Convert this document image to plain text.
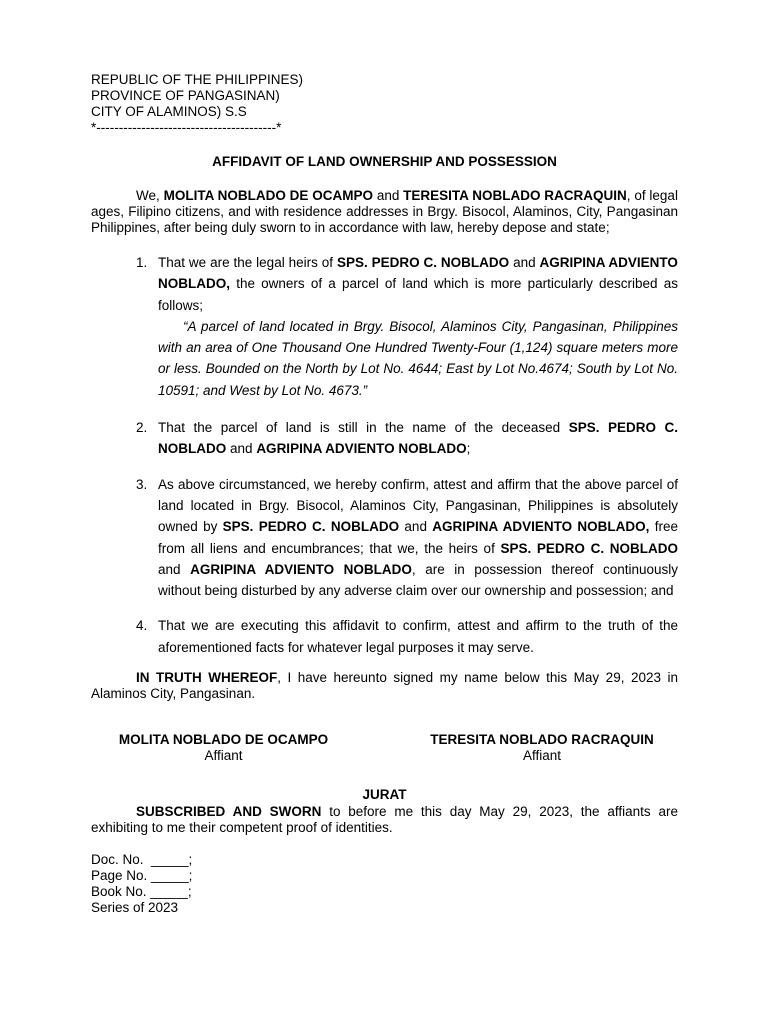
REPUBLIC OF THE PHILIPPINES)
PROVINCE OF PANGASINAN)
CITY OF ALAMINOS) S.S
*----------------------------------------*
AFFIDAVIT OF LAND OWNERSHIP AND POSSESSION

We, MOLITA NOBLADO DE OCAMPO and TERESITA NOBLADO RACRAQUIN, of legal ages, Filipino citizens, and with residence addresses in Brgy. Bisocol, Alaminos, City, Pangasinan Philippines, after being duly sworn to in accordance with law, hereby depose and state;

1. That we are the legal heirs of SPS. PEDRO C. NOBLADO and AGRIPINA ADVIENTO NOBLADO, the owners of a parcel of land which is more particularly described as follows;
“A parcel of land located in Brgy. Bisocol, Alaminos City, Pangasinan, Philippines with an area of One Thousand One Hundred Twenty-Four (1,124) square meters more or less. Bounded on the North by Lot No. 4644; East by Lot No.4674; South by Lot No. 10591; and West by Lot No. 4673.”
2. That the parcel of land is still in the name of the deceased SPS. PEDRO C. NOBLADO and AGRIPINA ADVIENTO NOBLADO;
3. As above circumstanced, we hereby confirm, attest and affirm that the above parcel of land located in Brgy. Bisocol, Alaminos City, Pangasinan, Philippines is absolutely owned by SPS. PEDRO C. NOBLADO and AGRIPINA ADVIENTO NOBLADO, free from all liens and encumbrances; that we, the heirs of SPS. PEDRO C. NOBLADO and AGRIPINA ADVIENTO NOBLADO, are in possession thereof continuously without being disturbed by any adverse claim over our ownership and possession; and
4. That we are executing this affidavit to confirm, attest and affirm to the truth of the aforementioned facts for whatever legal purposes it may serve.

IN TRUTH WHEREOF, I have hereunto signed my name below this May 29, 2023 in Alaminos City, Pangasinan.

MOLITA NOBLADO DE OCAMPO
Affiant
TERESITA NOBLADO RACRAQUIN
Affiant
JURAT

SUBSCRIBED AND SWORN to before me this day May 29, 2023, the affiants are exhibiting to me their competent proof of identities.

Doc. No.  _____;
Page No. _____;
Book No. _____;
Series of 2023
